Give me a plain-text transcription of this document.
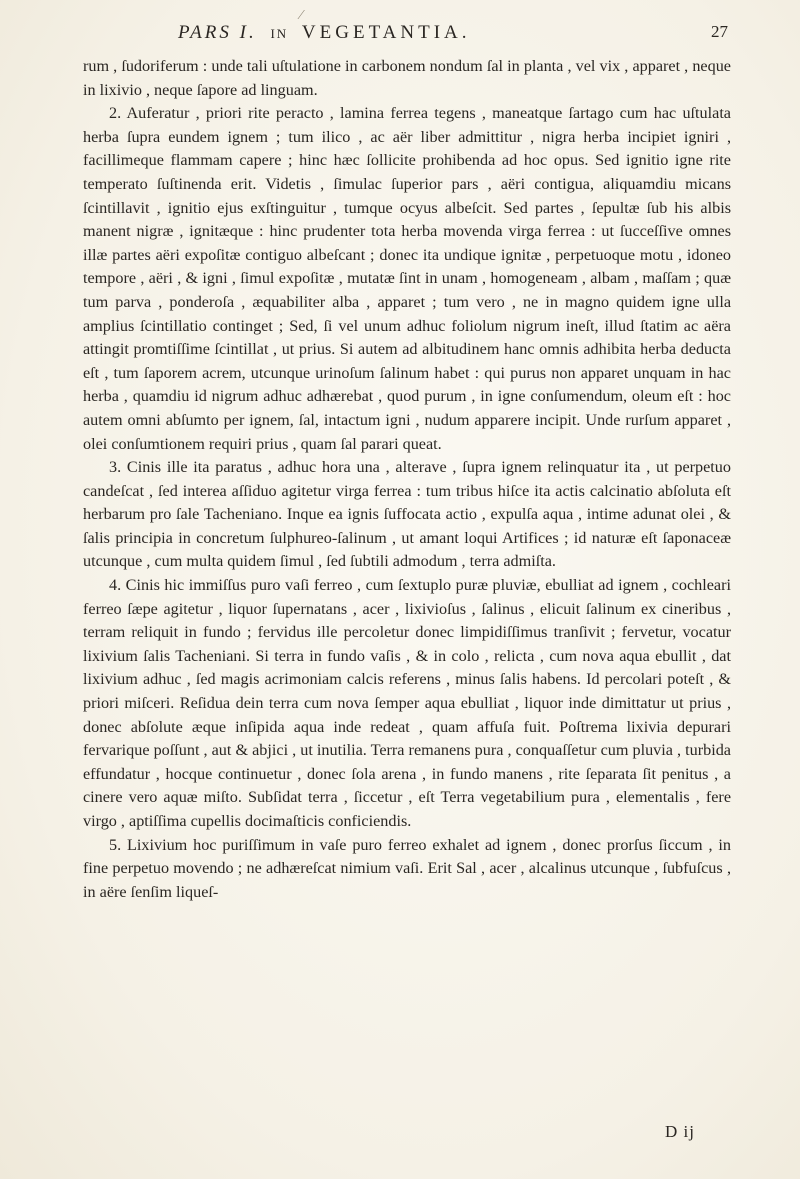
⁄
PARS I. IN VEGETANTIA.	27

rum , ſudoriferum : unde tali uſtulatione in carbonem nondum ſal in planta , vel vix , apparet , neque in lixivio , neque ſapore ad linguam.

2. Auferatur , priori rite peracto , lamina ferrea tegens , maneatque ſartago cum hac uſtulata herba ſupra eundem ignem ; tum ilico , ac aër liber admittitur , nigra herba incipiet igniri , facillimeque flammam capere ; hinc hæc ſollicite prohibenda ad hoc opus. Sed ignitio igne rite temperato ſuſtinenda erit. Videtis , ſimulac ſuperior pars , aëri contigua, aliquamdiu micans ſcintillavit , ignitio ejus exſtinguitur , tumque ocyus albeſcit. Sed partes , ſepultæ ſub his albis manent nigræ , ignitæque : hinc prudenter tota herba movenda virga ferrea : ut ſucceſſive omnes illæ partes aëri expoſitæ contiguo albeſcant ; donec ita undique ignitæ , perpetuoque motu , idoneo tempore , aëri , & igni , ſimul expoſitæ , mutatæ ſint in unam , homogeneam , albam , maſſam ; quæ tum parva , ponderoſa , æquabiliter alba , apparet ; tum vero , ne in magno quidem igne ulla amplius ſcintillatio continget ; Sed, ſi vel unum adhuc foliolum nigrum ineſt, illud ſtatim ac aëra attingit promtiſſime ſcintillat , ut prius. Si autem ad albitudinem hanc omnis adhibita herba deducta eſt , tum ſaporem acrem, utcunque urinoſum ſalinum habet : qui purus non apparet unquam in hac herba , quamdiu id nigrum adhuc adhærebat , quod purum , in igne conſumendum, oleum eſt : hoc autem omni abſumto per ignem, ſal, intactum igni , nudum apparere incipit. Unde rurſum apparet , olei conſumtionem requiri prius , quam ſal parari queat.

3. Cinis ille ita paratus , adhuc hora una , alterave , ſupra ignem relinquatur ita , ut perpetuo candeſcat , ſed interea aſſiduo agitetur virga ferrea : tum tribus hiſce ita actis calcinatio abſoluta eſt herbarum pro ſale Tacheniano. Inque ea ignis ſuffocata actio , expulſa aqua , intime adunat olei , & ſalis principia in concretum ſulphureo-ſalinum , ut amant loqui Artifices ; id naturæ eſt ſaponaceæ utcunque , cum multa quidem ſimul , ſed ſubtili admodum , terra admiſta.

4. Cinis hic immiſſus puro vaſi ferreo , cum ſextuplo puræ pluviæ, ebulliat ad ignem , cochleari ferreo ſæpe agitetur , liquor ſupernatans , acer , lixivioſus , ſalinus , elicuit ſalinum ex cineribus , terram reliquit in fundo ; fervidus ille percoletur donec limpidiſſimus tranſivit ; fervetur, vocatur lixivium ſalis Tacheniani. Si terra in fundo vaſis , & in colo , relicta , cum nova aqua ebullit , dat lixivium adhuc , ſed magis acrimoniam calcis referens , minus ſalis habens. Id percolari poteſt , & priori miſceri. Reſidua dein terra cum nova ſemper aqua ebulliat , liquor inde dimittatur ut prius , donec abſolute æque inſipida aqua inde redeat , quam affuſa fuit. Poſtrema lixivia depurari fervarique poſſunt , aut & abjici , ut inutilia. Terra remanens pura , conquaſſetur cum pluvia , turbida effundatur , hocque continuetur , donec ſola arena , in fundo manens , rite ſeparata ſit penitus , a cinere vero aquæ miſto. Subſidat terra , ſiccetur , eſt Terra vegetabilium pura , elementalis , fere virgo , aptiſſima cupellis docimaſticis conficiendis.

5. Lixivium hoc puriſſimum in vaſe puro ferreo exhalet ad ignem , donec prorſus ſiccum , in fine perpetuo movendo ; ne adhæreſcat nimium vaſi. Erit Sal , acer , alcalinus utcunque , ſubfuſcus , in aëre ſenſim liqueſ-

D ij
